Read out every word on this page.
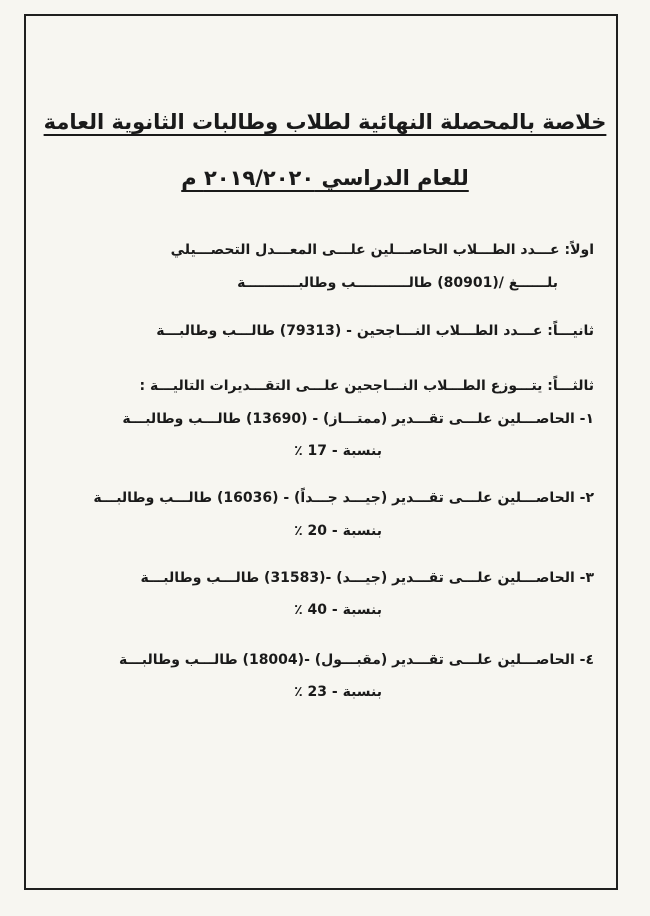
خلاصة بالمحصلة النهائية لطلاب وطالبات الثانوية العامة
للعام الدراسي ٢٠١٩/٢٠٢٠ م
اولاً: عـــدد الطـــلاب الحاصـــلين علـــى المعـــدل التحصـــيلي
بلــــــغ /(80901) طالـــــــــــب وطالبـــــــــــة
ثانيـــاً: عـــدد الطـــلاب النـــاجحين - (79313) طالـــب وطالبـــة
ثالثـــاً: يتـــوزع الطـــلاب النـــاجحين علـــى التقـــديرات التاليـــة :
١- الحاصـــلين علـــى تقـــدير (ممتـــاز) - (13690) طالـــب وطالبـــة
بنسبة - 17 ٪
٢- الحاصـــلين علـــى تقـــدير (جيـــد جـــداً) - (16036) طالـــب وطالبـــة
بنسبة - 20 ٪
٣- الحاصـــلين علـــى تقـــدير (جيـــد) -(31583) طالـــب وطالبـــة
بنسبة - 40 ٪
٤- الحاصـــلين علـــى تقـــدير (مقبـــول) -(18004) طالـــب وطالبـــة
بنسبة - 23 ٪
